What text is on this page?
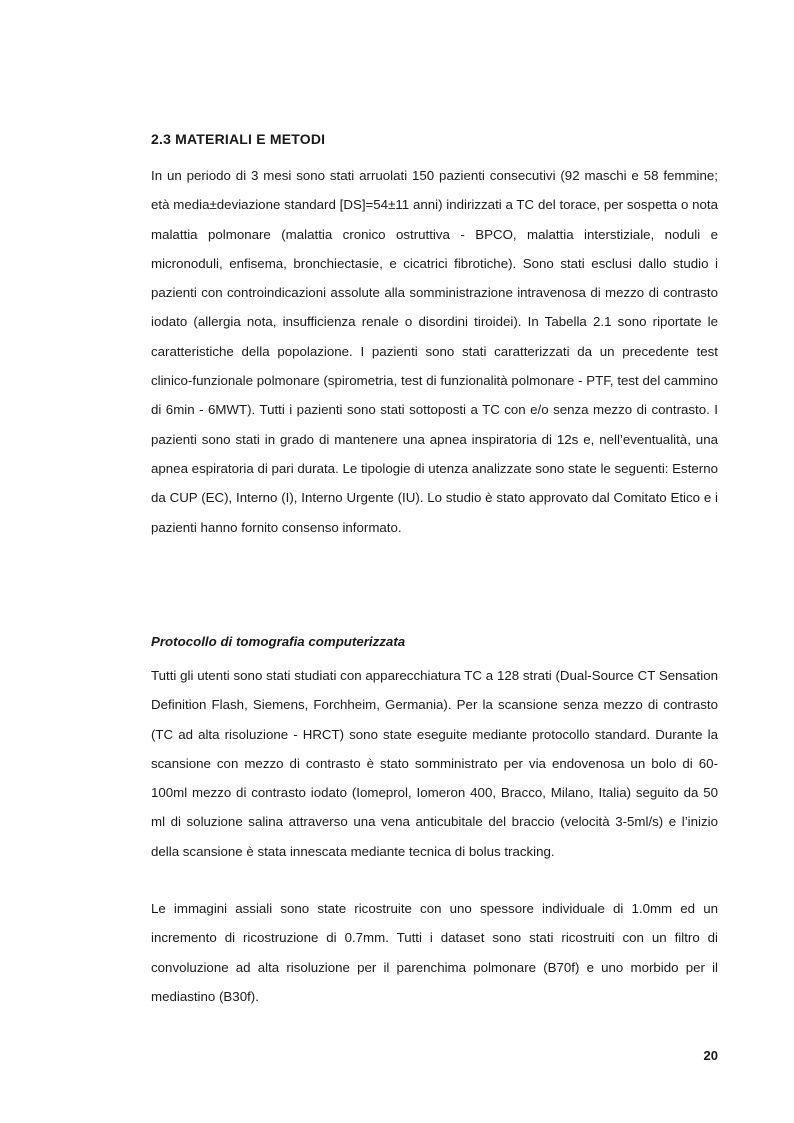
2.3 MATERIALI E METODI

In un periodo di 3 mesi sono stati arruolati 150 pazienti consecutivi (92 maschi e 58 femmine; età media±deviazione standard [DS]=54±11 anni) indirizzati a TC del torace, per sospetta o nota malattia polmonare (malattia cronico ostruttiva - BPCO, malattia interstiziale, noduli e micronoduli, enfisema, bronchiectasie, e cicatrici fibrotiche). Sono stati esclusi dallo studio i pazienti con controindicazioni assolute alla somministrazione intravenosa di mezzo di contrasto iodato (allergia nota, insufficienza renale o disordini tiroidei). In Tabella 2.1 sono riportate le caratteristiche della popolazione. I pazienti sono stati caratterizzati da un precedente test clinico-funzionale polmonare (spirometria, test di funzionalità polmonare - PTF, test del cammino di 6min - 6MWT). Tutti i pazienti sono stati sottoposti a TC con e/o senza mezzo di contrasto. I pazienti sono stati in grado di mantenere una apnea inspiratoria di 12s e, nell’eventualità, una apnea espiratoria di pari durata. Le tipologie di utenza analizzate sono state le seguenti: Esterno da CUP (EC), Interno (I), Interno Urgente (IU). Lo studio è stato approvato dal Comitato Etico e i pazienti hanno fornito consenso informato.

Protocollo di tomografia computerizzata

Tutti gli utenti sono stati studiati con apparecchiatura TC a 128 strati (Dual-Source CT Sensation Definition Flash, Siemens, Forchheim, Germania). Per la scansione senza mezzo di contrasto (TC ad alta risoluzione - HRCT) sono state eseguite mediante protocollo standard. Durante la scansione con mezzo di contrasto è stato somministrato per via endovenosa un bolo di 60-100ml mezzo di contrasto iodato (Iomeprol, Iomeron 400, Bracco, Milano, Italia) seguito da 50 ml di soluzione salina attraverso una vena anticubitale del braccio (velocità 3-5ml/s) e l’inizio della scansione è stata innescata mediante tecnica di bolus tracking.

Le immagini assiali sono state ricostruite con uno spessore individuale di 1.0mm ed un incremento di ricostruzione di 0.7mm. Tutti i dataset sono stati ricostruiti con un filtro di convoluzione ad alta risoluzione per il parenchima polmonare (B70f) e uno morbido per il mediastino (B30f).

20
